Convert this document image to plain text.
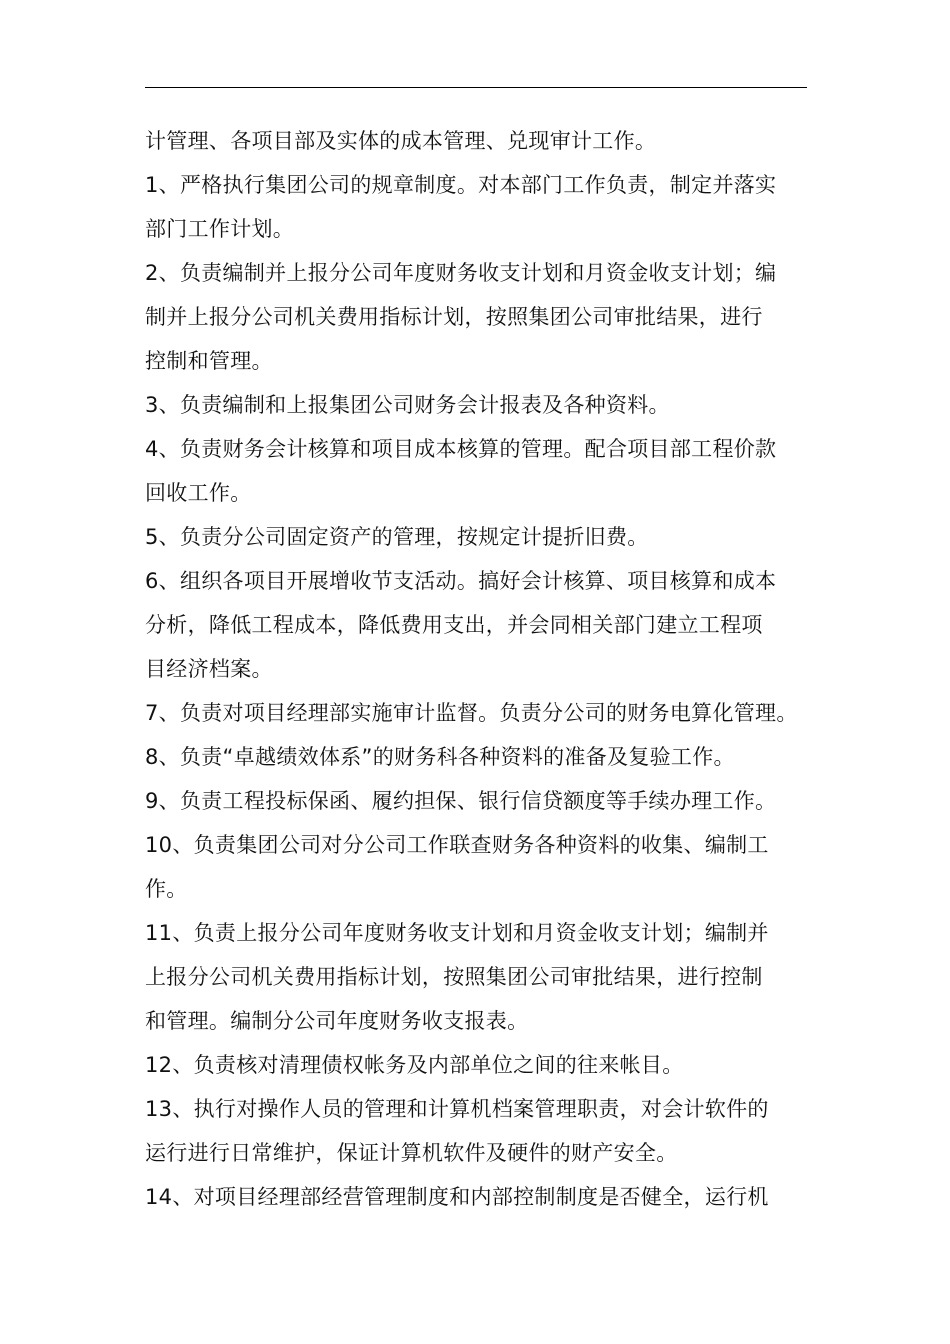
计管理、各项目部及实体的成本管理、兑现审计工作。

1、严格执行集团公司的规章制度。对本部门工作负责，制定并落实
部门工作计划。

2、负责编制并上报分公司年度财务收支计划和月资金收支计划；编
制并上报分公司机关费用指标计划，按照集团公司审批结果，进行
控制和管理。

3、负责编制和上报集团公司财务会计报表及各种资料。

4、负责财务会计核算和项目成本核算的管理。配合项目部工程价款
回收工作。

5、负责分公司固定资产的管理，按规定计提折旧费。

6、组织各项目开展增收节支活动。搞好会计核算、项目核算和成本
分析，降低工程成本，降低费用支出，并会同相关部门建立工程项
目经济档案。

7、负责对项目经理部实施审计监督。负责分公司的财务电算化管理。

8、负责“卓越绩效体系”的财务科各种资料的准备及复验工作。

9、负责工程投标保函、履约担保、银行信贷额度等手续办理工作。

10、负责集团公司对分公司工作联查财务各种资料的收集、编制工
作。

11、负责上报分公司年度财务收支计划和月资金收支计划；编制并
上报分公司机关费用指标计划，按照集团公司审批结果，进行控制
和管理。编制分公司年度财务收支报表。

12、负责核对清理债权帐务及内部单位之间的往来帐目。

13、执行对操作人员的管理和计算机档案管理职责，对会计软件的
运行进行日常维护，保证计算机软件及硬件的财产安全。

14、对项目经理部经营管理制度和内部控制制度是否健全，运行机
